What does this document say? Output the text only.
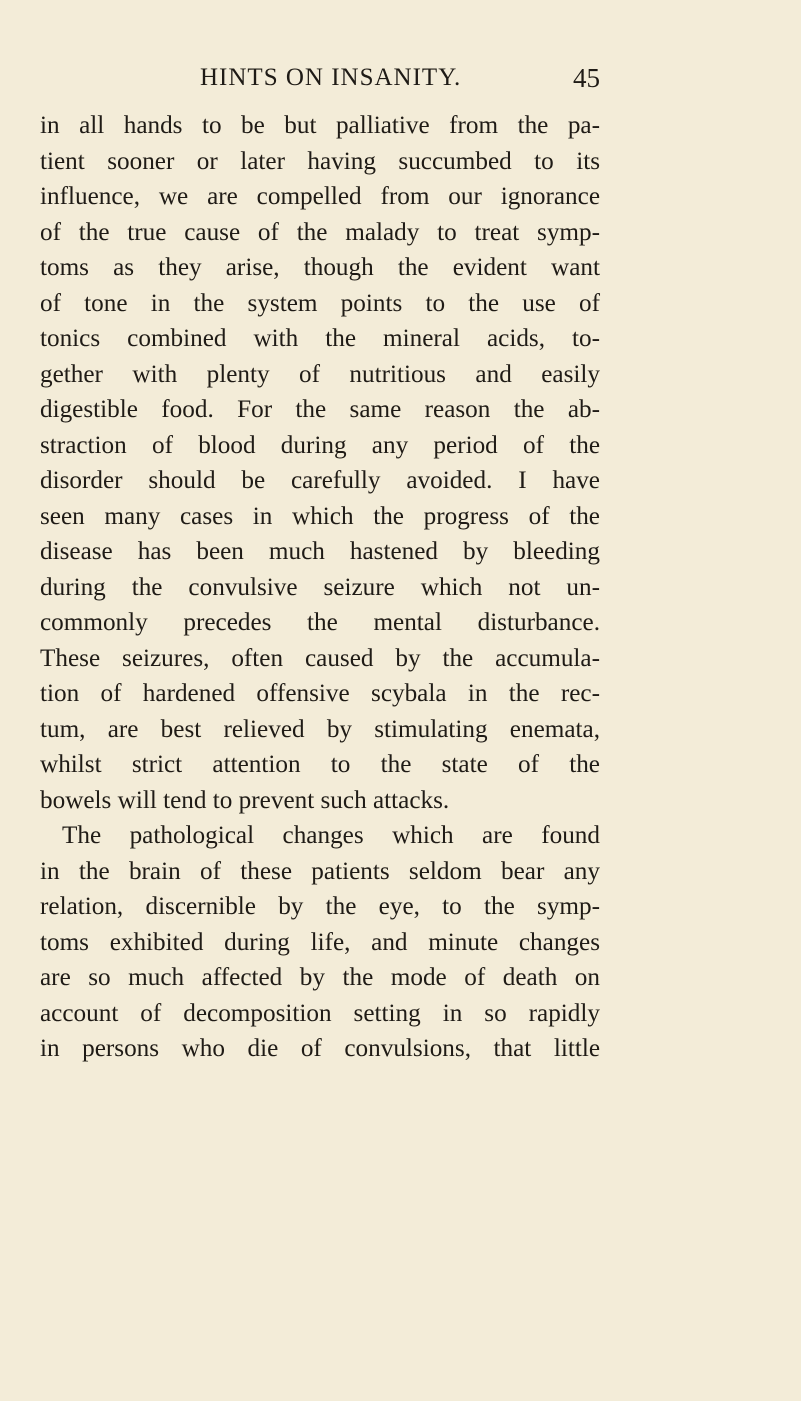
HINTS ON INSANITY.	45
in all hands to be but palliative from the pa-
tient sooner or later having succumbed to its
influence, we are compelled from our ignorance
of the true cause of the malady to treat symp-
toms as they arise, though the evident want
of tone in the system points to the use of
tonics combined with the mineral acids, to-
gether with plenty of nutritious and easily
digestible food. For the same reason the ab-
straction of blood during any period of the
disorder should be carefully avoided. I have
seen many cases in which the progress of the
disease has been much hastened by bleeding
during the convulsive seizure which not un-
commonly precedes the mental disturbance.
These seizures, often caused by the accumula-
tion of hardened offensive scybala in the rec-
tum, are best relieved by stimulating enemata,
whilst strict attention to the state of the
bowels will tend to prevent such attacks.
The pathological changes which are found
in the brain of these patients seldom bear any
relation, discernible by the eye, to the symp-
toms exhibited during life, and minute changes
are so much affected by the mode of death on
account of decomposition setting in so rapidly
in persons who die of convulsions, that little
